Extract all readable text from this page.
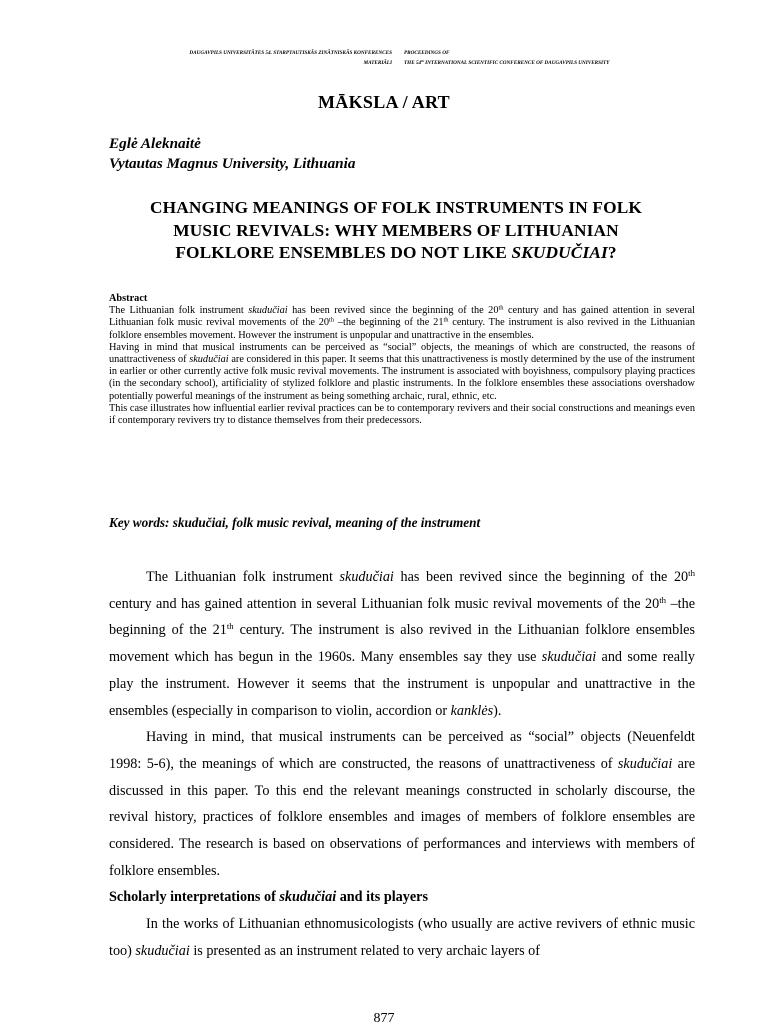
DAUGAVPILS UNIVERSITĀTES 54. STARPTAUTISKĀS ZINĀTNISKĀS KONFERENCES
MATERIĀLI
PROCEEDINGS OF
THE 54th INTERNATIONAL SCIENTIFIC CONFERENCE OF DAUGAVPILS UNIVERSITY
MĀKSLA / ART
Eglė Aleknaitė
Vytautas Magnus University, Lithuania
CHANGING MEANINGS OF FOLK INSTRUMENTS IN FOLK
MUSIC REVIVALS: WHY MEMBERS OF LITHUANIAN
FOLKLORE ENSEMBLES DO NOT LIKE SKUDUČIAI?
Abstract

The Lithuanian folk instrument skudučiai has been revived since the beginning of the 20th century and has gained attention in several Lithuanian folk music revival movements of the 20th –the beginning of the 21th century. The instrument is also revived in the Lithuanian folklore ensembles movement. However the instrument is unpopular and unattractive in the ensembles.

Having in mind that musical instruments can be perceived as “social” objects, the meanings of which are constructed, the reasons of unattractiveness of skudučiai are considered in this paper. It seems that this unattractiveness is mostly determined by the use of the instrument in earlier or other currently active folk music revival movements. The instrument is associated with boyishness, compulsory playing practices (in the secondary school), artificiality of stylized folklore and plastic instruments. In the folklore ensembles these associations overshadow potentially powerful meanings of the instrument as being something archaic, rural, ethnic, etc.

This case illustrates how influential earlier revival practices can be to contemporary revivers and their social constructions and meanings even if contemporary revivers try to distance themselves from their predecessors.

Key words: skudučiai, folk music revival, meaning of the instrument

The Lithuanian folk instrument skudučiai has been revived since the beginning of the 20th century and has gained attention in several Lithuanian folk music revival movements of the 20th –the beginning of the 21th century. The instrument is also revived in the Lithuanian folklore ensembles movement which has begun in the 1960s. Many ensembles say they use skudučiai and some really play the instrument. However it seems that the instrument is unpopular and unattractive in the ensembles (especially in comparison to violin, accordion or kanklės).

Having in mind, that musical instruments can be perceived as “social” objects (Neuenfeldt 1998: 5-6), the meanings of which are constructed, the reasons of unattractiveness of skudučiai are discussed in this paper. To this end the relevant meanings constructed in scholarly discourse, the revival history, practices of folklore ensembles and images of members of folklore ensembles are considered. The research is based on observations of performances and interviews with members of folklore ensembles.

Scholarly interpretations of skudučiai and its players

In the works of Lithuanian ethnomusicologists (who usually are active revivers of ethnic music too) skudučiai is presented as an instrument related to very archaic layers of

877
